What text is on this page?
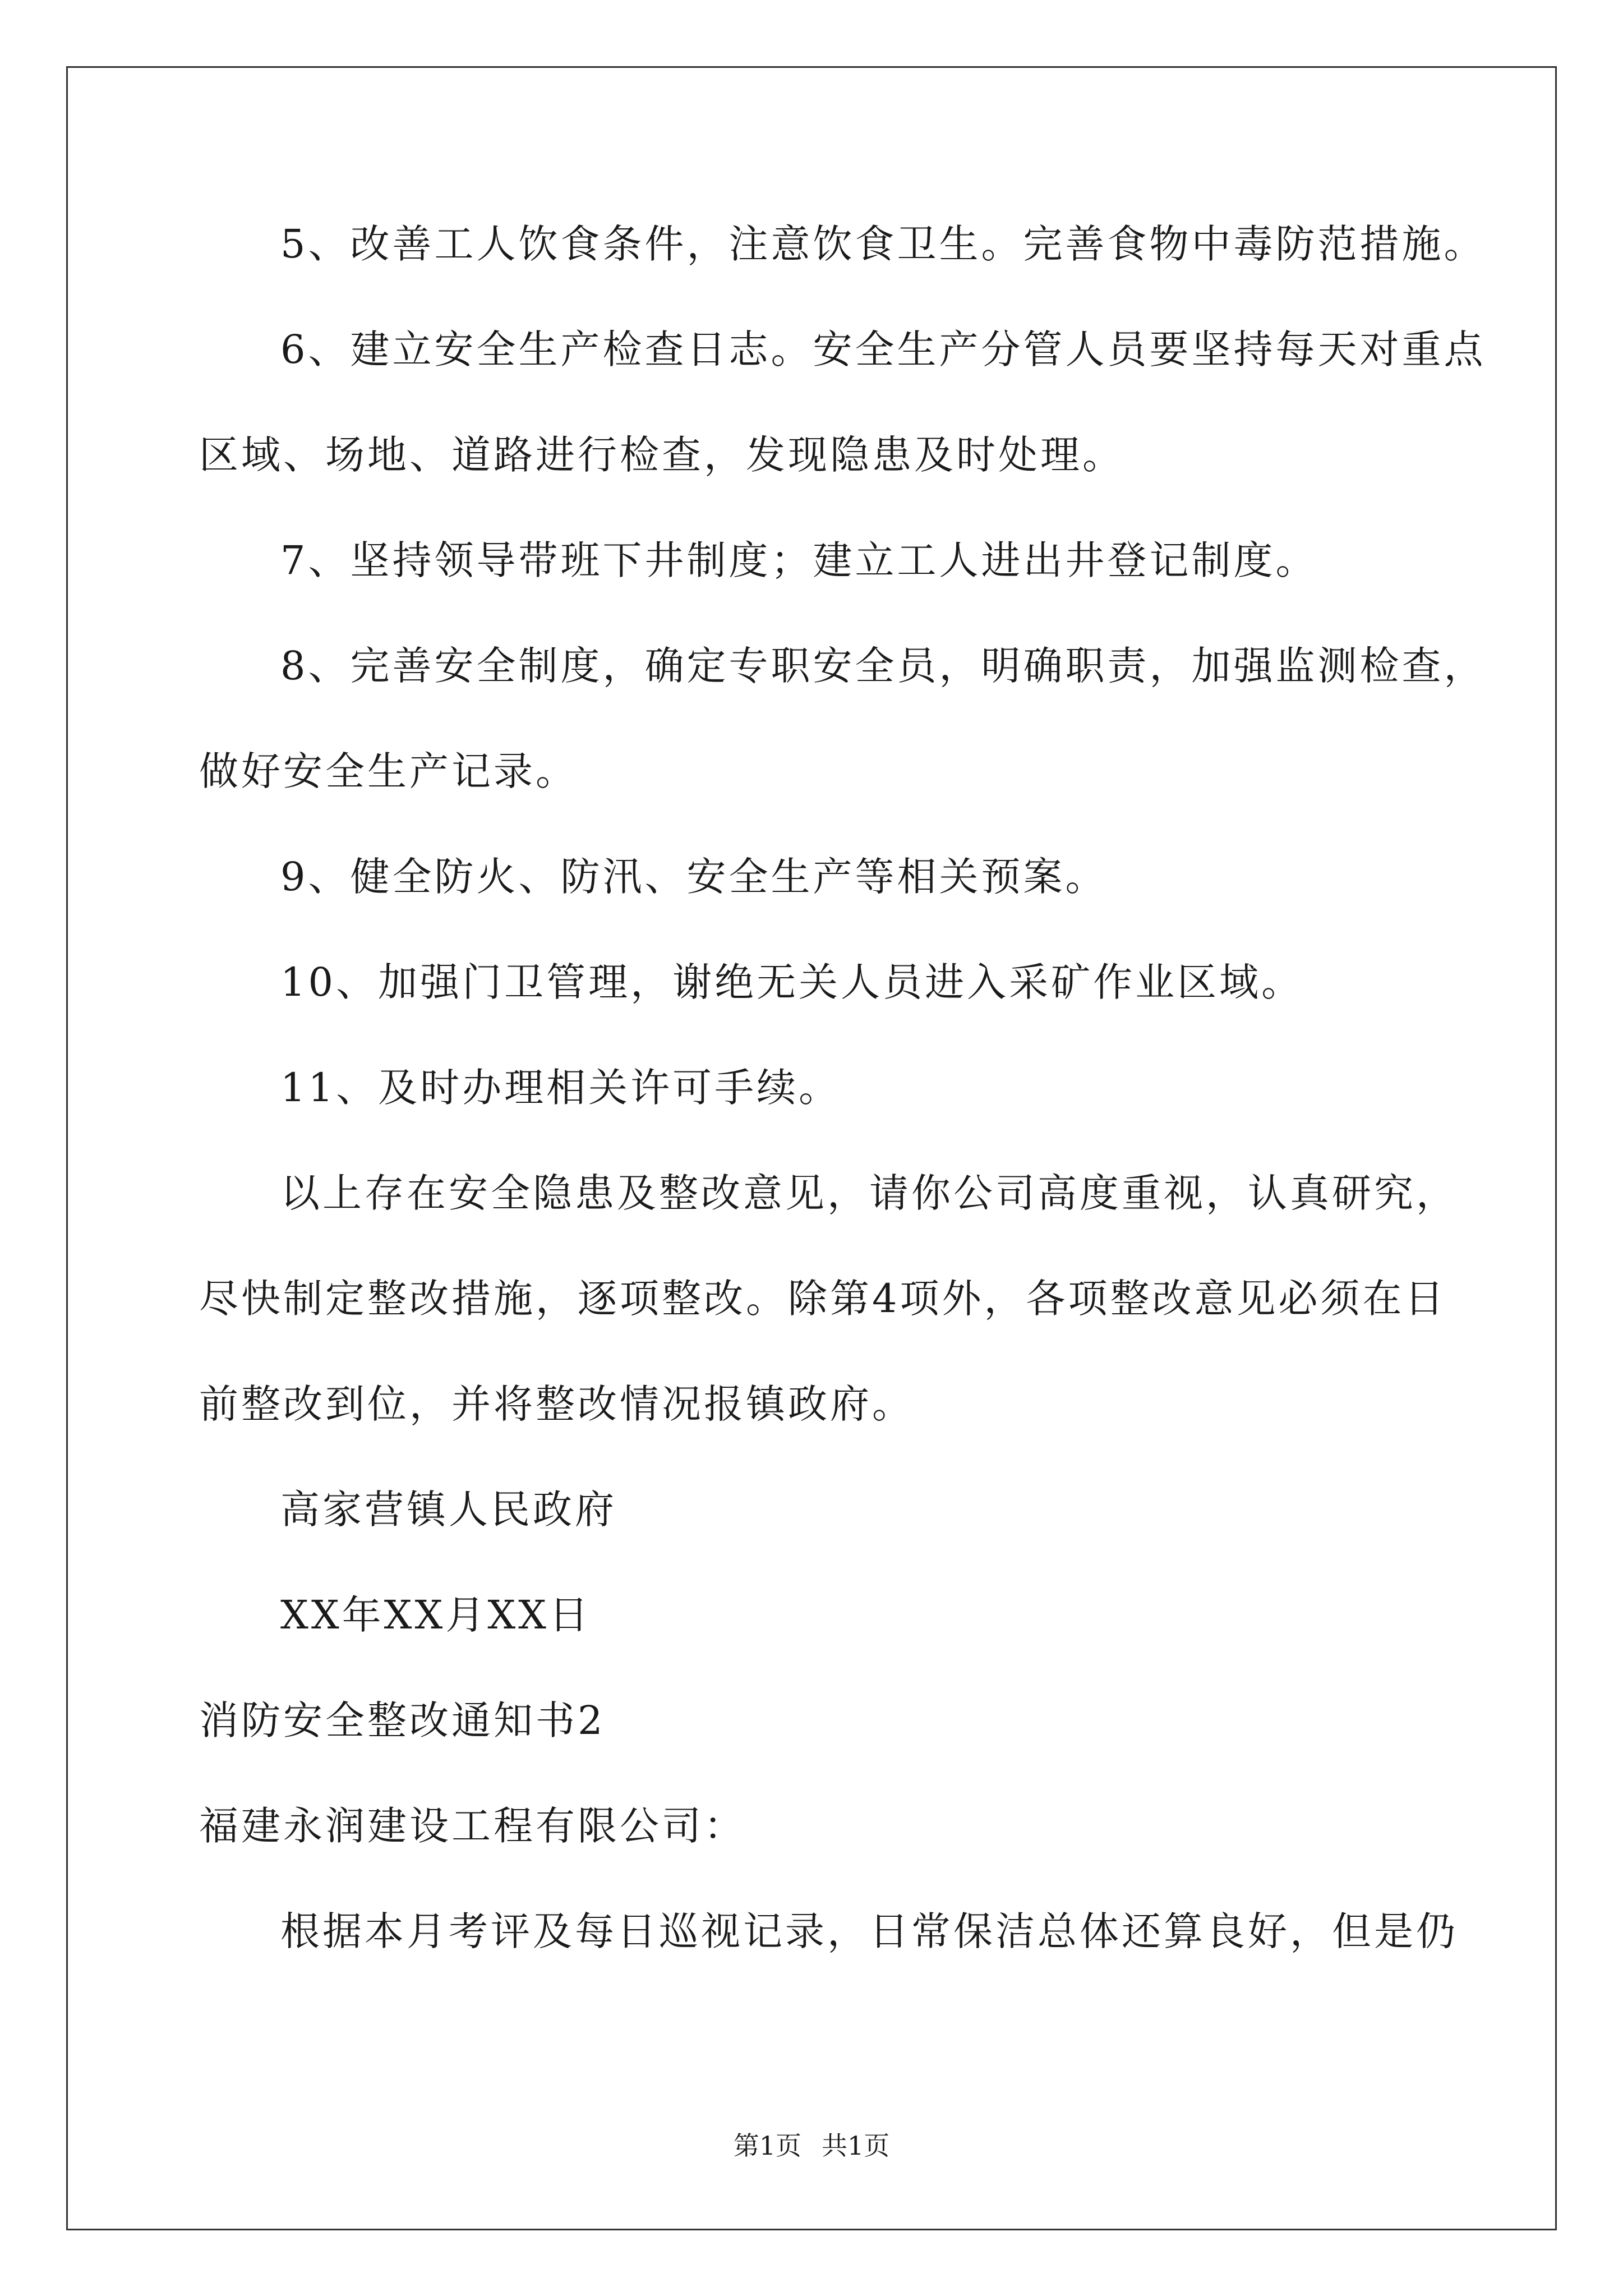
5、改善工人饮食条件，注意饮食卫生。完善食物中毒防范措施。
6、建立安全生产检查日志。安全生产分管人员要坚持每天对重点
区域、场地、道路进行检查，发现隐患及时处理。
7、坚持领导带班下井制度；建立工人进出井登记制度。
8、完善安全制度，确定专职安全员，明确职责，加强监测检查，
做好安全生产记录。
9、健全防火、防汛、安全生产等相关预案。
10、加强门卫管理，谢绝无关人员进入采矿作业区域。
11、及时办理相关许可手续。
以上存在安全隐患及整改意见，请你公司高度重视，认真研究，
尽快制定整改措施，逐项整改。除第4项外，各项整改意见必须在日
前整改到位，并将整改情况报镇政府。
高家营镇人民政府
XX年XX月XX日
消防安全整改通知书2
福建永润建设工程有限公司：
根据本月考评及每日巡视记录，日常保洁总体还算良好，但是仍
第1页 共1页
